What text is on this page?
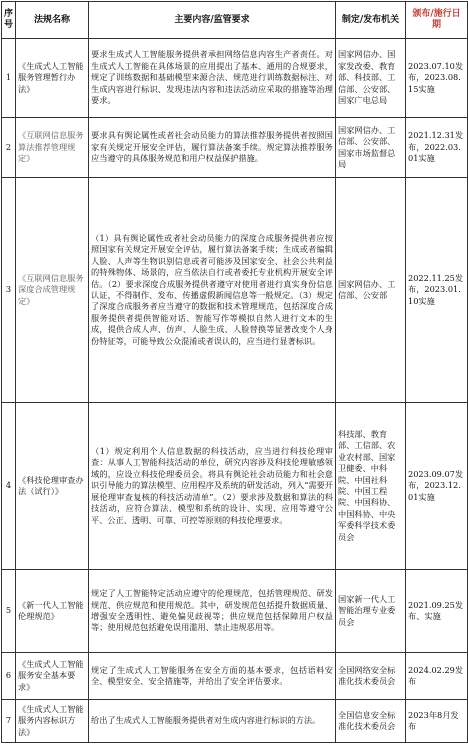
序号	法规名称	主要内容/监管要求	制定/发布机关	颁布/施行日期
1	《生成式人工智能服务管理暂行办法》	要求生成式人工智能服务提供者承担网络信息内容生产者责任。对生成式人工智能在具体场景的应用提出了基本、通用的合规要求，规定了训练数据和基础模型来源合法、规范进行训练数据标注、对生成内容进行标识、发现违法内容和违法活动应采取的措施等治理要求。	国家网信办、国家发改委、教育部、科技部、工信部、公安部、国家广电总局	2023.07.10发布，2023.08.15实施
2	《互联网信息服务算法推荐管理规定》	要求具有舆论属性或者社会动员能力的算法推荐服务提供者按照国家有关规定开展安全评估，履行算法备案手续。规定算法推荐服务应当遵守的具体服务规范和用户权益保护措施。	国家网信办、工信部、公安部、国家市场监督总局	2021.12.31发布，2022.03.01实施
3	《互联网信息服务深度合成管理规定》	（1）具有舆论属性或者社会动员能力的深度合成服务提供者应按照国家有关规定开展安全评估，履行算法备案手续；生成或者编辑人脸、人声等生物识别信息或者可能涉及国家安全、社会公共利益的特殊物体、场景的，应当依法自行或者委托专业机构开展安全评估。（2）要求深度合成服务提供者遵守对使用者进行真实身份信息认证，不得制作、发布、传播虚假新闻信息等一般规定。（3）规定了深度合成服务者应当遵守的数据和技术管理规范，包括深度合成服务提供者提供智能对话、智能写作等模拟自然人进行文本的生成，提供合成人声、仿声、人脸生成、人脸替换等显著改变个人身份特征等，可能导致公众混淆或者误认的，应当进行显著标识。	国家网信办、工信部、公安部	2022.11.25发布，2023.01.10实施
4	《科技伦理审查办法（试行）》	（1）规定利用个人信息数据的科技活动，应当进行科技伦理审查：从事人工智能科技活动的单位，研究内容涉及科技伦理敏感领域的，应设立科技伦理委员会。将具有舆论社会动员能力和社会意识引导能力的算法模型、应用程序及系统的研发活动，列入“需要开展伦理审查复核的科技活动清单”。（2）要求涉及数据和算法的科技活动，应符合算法、模型和系统的设计、实现、应用等遵守公平、公正、透明、可靠、可控等原则的科技伦理要求。	科技部、教育部、工信部、农业农村部、国家卫健委、中科院、中国社科院、中国工程院、中国科协、中国科协、中央军委科学技术委员会	2023.09.07发布，2023.12.01实施
5	《新一代人工智能伦理规范》	规定了人工智能特定活动应遵守的伦理规范，包括管理规范、研发规范、供应规范和使用规范。其中，研发规范包括提升数据质量、增强安全透明性、避免偏见歧视等；供应规范包括保障用户权益等；使用规范包括避免误用滥用、禁止违规恶用等。	国家新一代人工智能治理专业委员会	2021.09.25发布、实施
6	《生成式人工智能服务安全基本要求》	规定了生成式人工智能服务在安全方面的基本要求，包括语料安全、模型安全、安全措施等，并给出了安全评估要求。	全国网络安全标准化技术委员会	2024.02.29发布
7	《生成式人工智能服务内容标识方法》	给出了生成式人工智能服务提供者对生成内容进行标识的方法。	全国信息安全标准化技术委员会	2023年8月发布
